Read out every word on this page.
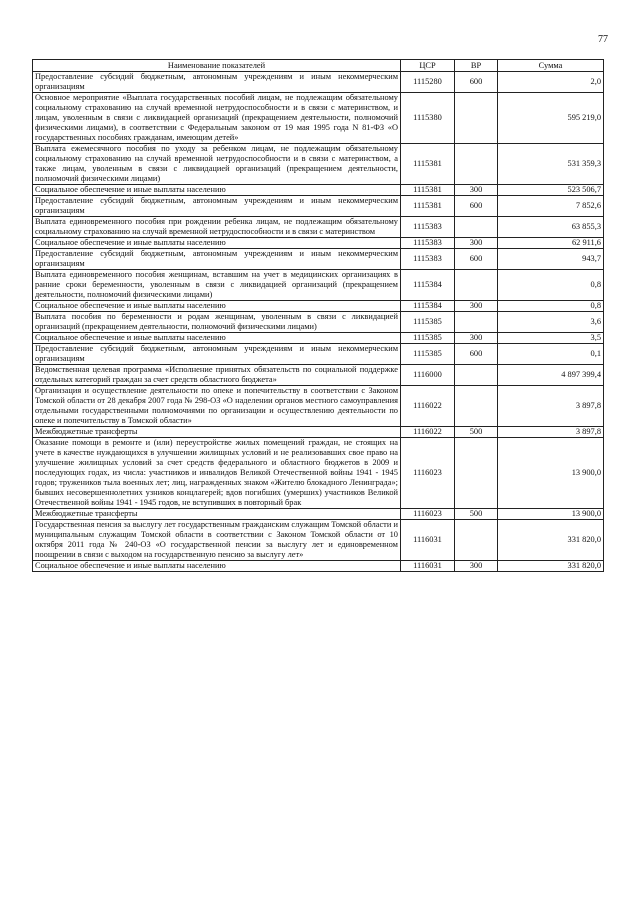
77
Наименование показателей	ЦСР	ВР	Сумма
Предоставление субсидий бюджетным, автономным учреждениям и иным некоммерческим организациям	1115280	600	2,0
Основное мероприятие «Выплата государственных пособий лицам, не подлежащим обязательному социальному страхованию на случай временной нетрудоспособности и в связи с материнством, и лицам, уволенным в связи с ликвидацией организаций (прекращением деятельности, полномочий физическими лицами), в соответствии с Федеральным законом от 19 мая 1995 года N 81-ФЗ «О государственных пособиях гражданам, имеющим детей»	1115380		595 219,0
Выплата ежемесячного пособия по уходу за ребенком лицам, не подлежащим обязательному социальному страхованию на случай временной нетрудоспособности и в связи с материнством, а также лицам, уволенным в связи с ликвидацией организаций (прекращением деятельности, полномочий физическими лицами)	1115381		531 359,3
Социальное обеспечение и иные выплаты населению	1115381	300	523 506,7
Предоставление субсидий бюджетным, автономным учреждениям и иным некоммерческим организациям	1115381	600	7 852,6
Выплата единовременного пособия при рождении ребенка лицам, не подлежащим обязательному социальному страхованию на случай временной нетрудоспособности и в связи с материнством	1115383		63 855,3
Социальное обеспечение и иные выплаты населению	1115383	300	62 911,6
Предоставление субсидий бюджетным, автономным учреждениям и иным некоммерческим организациям	1115383	600	943,7
Выплата единовременного пособия женщинам, вставшим на учет в медицинских организациях в ранние сроки беременности, уволенным в связи с ликвидацией организаций (прекращением деятельности, полномочий физическими лицами)	1115384		0,8
Социальное обеспечение и иные выплаты населению	1115384	300	0,8
Выплата пособия по беременности и родам женщинам, уволенным в связи с ликвидацией организаций (прекращением деятельности, полномочий физическими лицами)	1115385		3,6
Социальное обеспечение и иные выплаты населению	1115385	300	3,5
Предоставление субсидий бюджетным, автономным учреждениям и иным некоммерческим организациям	1115385	600	0,1
Ведомственная целевая программа «Исполнение принятых обязательств по социальной поддержке отдельных категорий граждан за счет средств областного бюджета»	1116000		4 897 399,4
Организация и осуществление деятельности по опеке и попечительству в соответствии с Законом Томской области от 28 декабря 2007 года № 298-ОЗ «О наделении органов местного самоуправления отдельными государственными полномочиями по организации и осуществлению деятельности по опеке и попечительству в Томской области»	1116022		3 897,8
Межбюджетные трансферты	1116022	500	3 897,8
Оказание помощи в ремонте и (или) переустройстве жилых помещений граждан, не стоящих на учете в качестве нуждающихся в улучшении жилищных условий и не реализовавших свое право на улучшение жилищных условий за счет средств федерального и областного бюджетов в 2009 и последующих годах, из числа: участников и инвалидов Великой Отечественной войны 1941 - 1945 годов; тружеников тыла военных лет; лиц, награжденных знаком «Жителю блокадного Ленинграда»; бывших несовершеннолетних узников концлагерей; вдов погибших (умерших) участников Великой Отечественной войны 1941 - 1945 годов, не вступивших в повторный брак	1116023		13 900,0
Межбюджетные трансферты	1116023	500	13 900,0
Государственная пенсия за выслугу лет государственным гражданским служащим Томской области и муниципальным служащим Томской области в соответствии с Законом Томской области от 10 октября 2011 года № 240-ОЗ «О государственной пенсии за выслугу лет и единовременном поощрении в связи с выходом на государственную пенсию за выслугу лет»	1116031		331 820,0
Социальное обеспечение и иные выплаты населению	1116031	300	331 820,0
